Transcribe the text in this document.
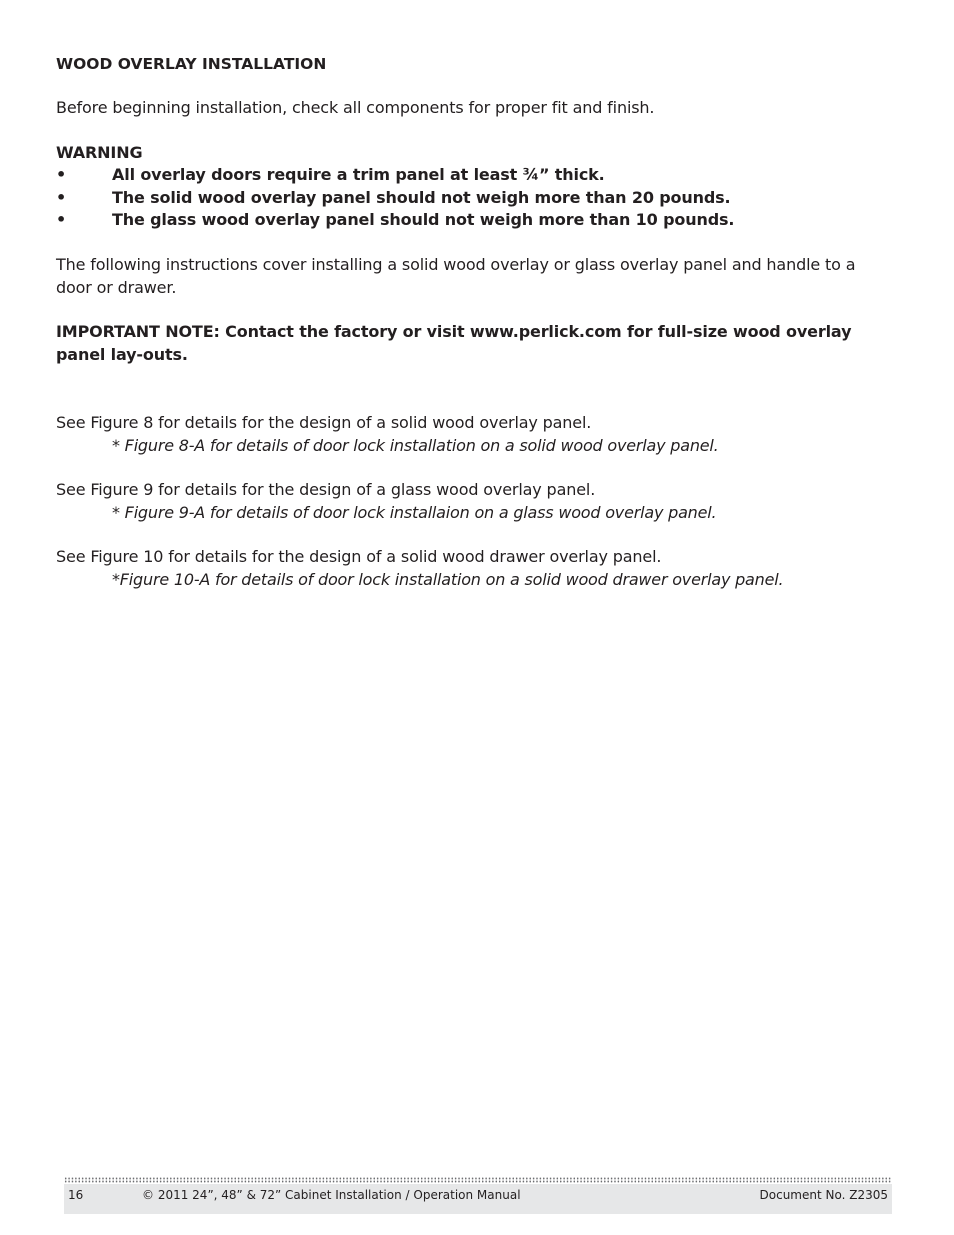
WOOD OVERLAY INSTALLATION
Before beginning installation, check all components for proper fit and finish.
WARNING
•	All overlay doors require a trim panel at least ¾” thick.
•	The solid wood overlay panel should not weigh more than 20 pounds.
•	The glass wood overlay panel should not weigh more than 10 pounds.
The following instructions cover installing a solid wood overlay or glass overlay panel and handle to a door or drawer.
IMPORTANT NOTE: Contact the factory or visit www.perlick.com for full-size wood overlay panel lay-outs.
See Figure 8 for details for the design of a solid wood overlay panel.
* Figure 8-A for details of door lock installation on a solid wood overlay panel.
See Figure 9 for details for the design of a glass wood overlay panel.
* Figure 9-A for details of door lock installaion on a glass wood overlay panel.
See Figure 10 for details for the design of a solid wood drawer overlay panel.
*Figure 10-A for details of door lock installation on a solid wood drawer overlay panel.
16	© 2011 24”, 48” & 72” Cabinet Installation / Operation Manual	Document No. Z2305
